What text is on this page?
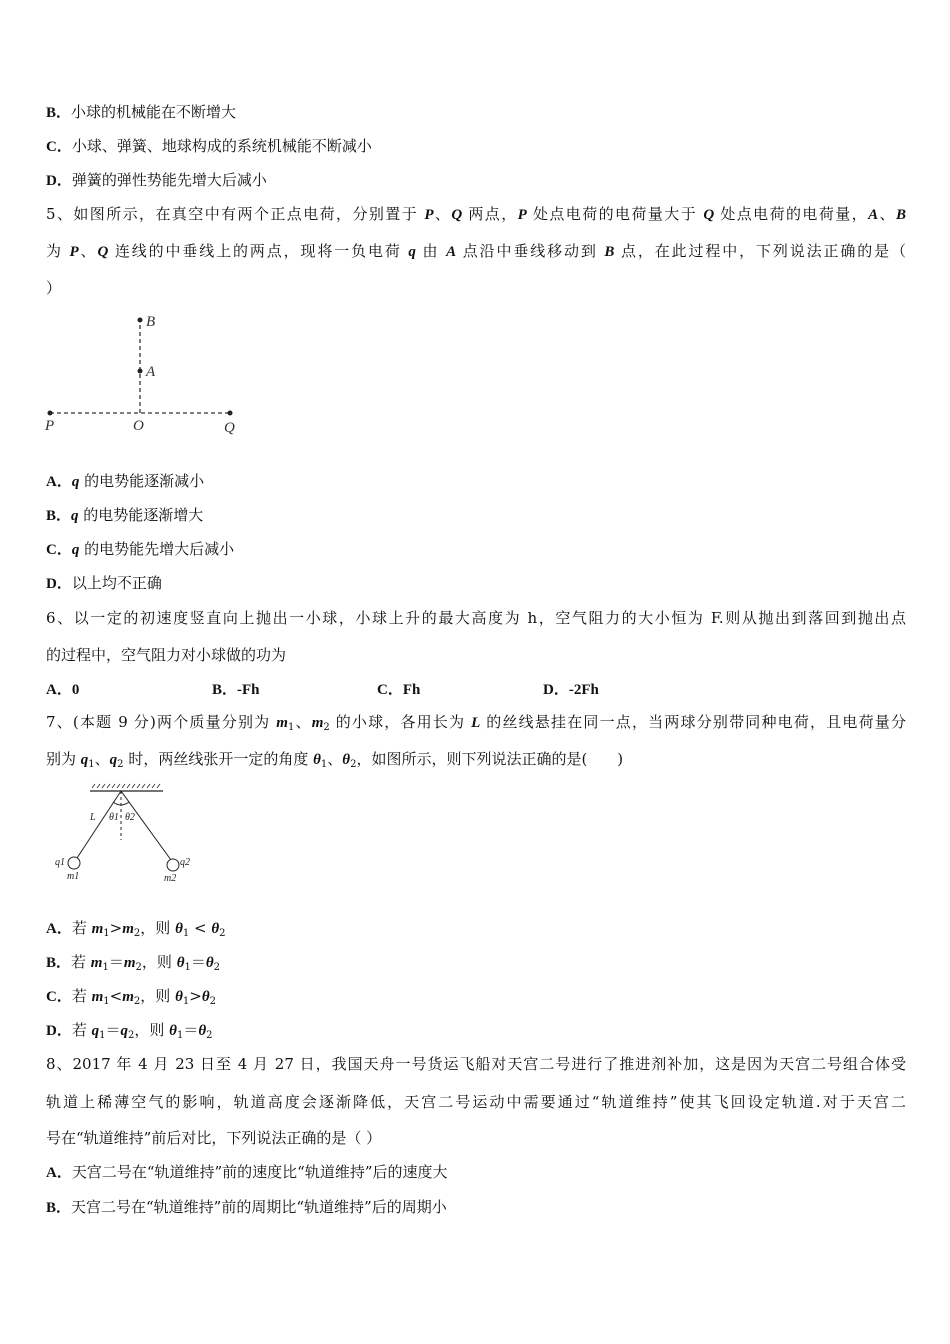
A．0	B．-Fh	C．Fh	D．-2Fh
B
A
P	O	Q
L θ1 θ2
q1	q2
m1	m2
B．小球的机械能在不断增大
C．小球、弹簧、地球构成的系统机械能不断减小
D．弹簧的弹性势能先增大后减小
5、如图所示，在真空中有两个正点电荷，分别置于 P、Q 两点，P 处点电荷的电荷量大于 Q 处点电荷的电荷量，A、B
为 P、Q 连线的中垂线上的两点，现将一负电荷 q 由 A 点沿中垂线移动到 B 点，在此过程中，下列说法正确的是（
）
A．q 的电势能逐渐减小
B．q 的电势能逐渐增大
C．q 的电势能先增大后减小
D．以上均不正确
6、以一定的初速度竖直向上抛出一小球，小球上升的最大高度为 h，空气阻力的大小恒为 F.则从抛出到落回到抛出点
的过程中，空气阻力对小球做的功为
7、(本题 9 分)两个质量分别为 $m_1$、$m_2$ 的小球，各用长为 L 的丝线悬挂在同一点，当两球分别带同种电荷，且电荷量分
别为 $q_1$、$q_2$ 时，两丝线张开一定的角度 $\theta_1$、$\theta_2$，如图所示，则下列说法正确的是(　　)
A．若 $m_1>m_2$，则 $\theta_1 < \theta_2$
B．若 $m_1=m_2$，则 $\theta_1=\theta_2$
C．若 $m_1<m_2$，则 $\theta_1>\theta_2$
D．若 $q_1=q_2$，则 $\theta_1=\theta_2$
8、2017 年 4 月 23 日至 4 月 27 日，我国天舟一号货运飞船对天宫二号进行了推进剂补加，这是因为天宫二号组合体受
轨道上稀薄空气的影响，轨道高度会逐渐降低，天宫二号运动中需要通过“轨道维持”使其飞回设定轨道.对于天宫二
号在“轨道维持”前后对比，下列说法正确的是（ ）
A．天宫二号在“轨道维持”前的速度比“轨道维持”后的速度大
B．天宫二号在“轨道维持”前的周期比“轨道维持”后的周期小
